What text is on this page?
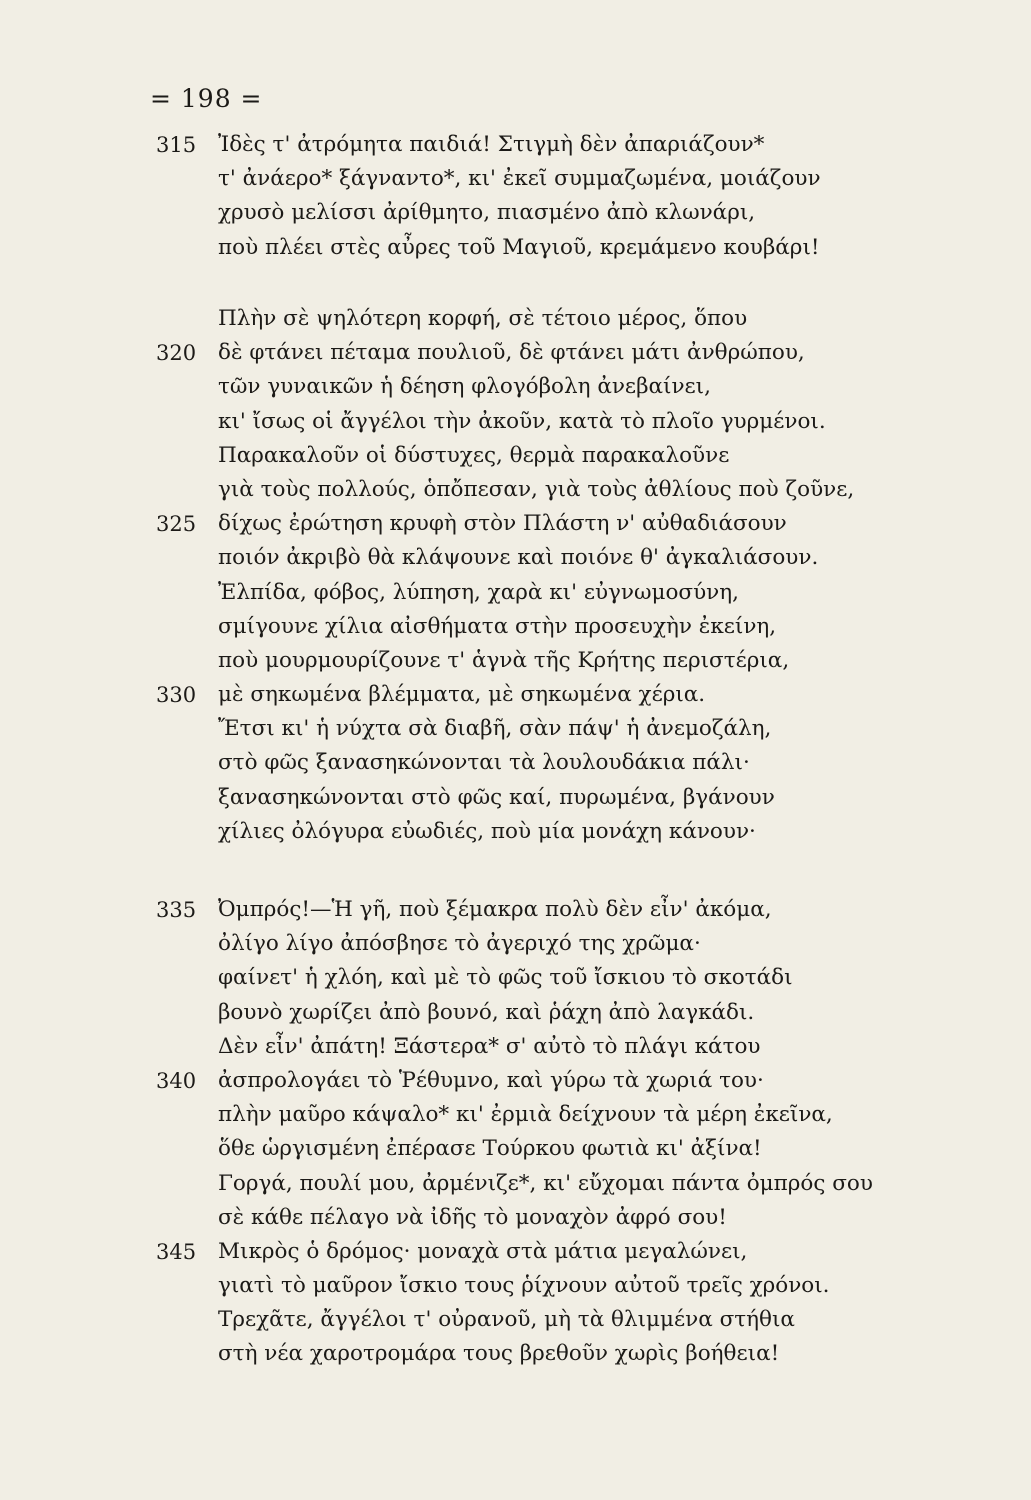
= 198 =
315	Ἰδὲς τ' ἀτρόμητα παιδιά! Στιγμὴ δὲν ἀπαριάζουν*
τ' ἀνάερο* ξάγναντο*, κι' ἐκεῖ συμμαζωμένα, μοιάζουν
χρυσὸ μελίσσι ἀρίθμητο, πιασμένο ἀπὸ κλωνάρι,
ποὺ πλέει στὲς αὖρες τοῦ Μαγιοῦ, κρεμάμενο κουβάρι!
Πλὴν σὲ ψηλότερη κορφή, σὲ τέτοιο μέρος, ὅπου
320	δὲ φτάνει πέταμα πουλιοῦ, δὲ φτάνει μάτι ἀνθρώπου,
τῶν γυναικῶν ἡ δέηση φλογόβολη ἀνεβαίνει,
κι' ἴσως οἱ ἄγγέλοι τὴν ἀκοῦν, κατὰ τὸ πλοῖο γυρμένοι.
Παρακαλοῦν οἱ δύστυχες, θερμὰ παρακαλοῦνε
γιὰ τοὺς πολλούς, ὁπὄπεσαν, γιὰ τοὺς ἀθλίους ποὺ ζοῦνε,
325	δίχως ἐρώτηση κρυφὴ στὸν Πλάστη ν' αὐθαδιάσουν
ποιόν ἀκριβὸ θὰ κλάψουνε καὶ ποιόνε θ' ἀγκαλιάσουν.
Ἐλπίδα, φόβος, λύπηση, χαρὰ κι' εὐγνωμοσύνη,
σμίγουνε χίλια αἰσθήματα στὴν προσευχὴν ἐκείνη,
ποὺ μουρμουρίζουνε τ' ἁγνὰ τῆς Κρήτης περιστέρια,
330	μὲ σηκωμένα βλέμματα, μὲ σηκωμένα χέρια.
Ἔτσι κι' ἡ νύχτα σὰ διαβῆ, σὰν πάψ' ἡ ἀνεμοζάλη,
στὸ φῶς ξανασηκώνονται τὰ λουλουδάκια πάλι·
ξανασηκώνονται στὸ φῶς καί, πυρωμένα, βγάνουν
χίλιες ὀλόγυρα εὐωδιές, ποὺ μία μονάχη κάνουν·
335	Ὀμπρός!—Ἡ γῆ, ποὺ ξέμακρα πολὺ δὲν εἶν' ἀκόμα,
ὀλίγο λίγο ἀπόσβησε τὸ ἀγεριχό της χρῶμα·
φαίνετ' ἡ χλόη, καὶ μὲ τὸ φῶς τοῦ ἴσκιου τὸ σκοτάδι
βουνὸ χωρίζει ἀπὸ βουνό, καὶ ῥάχη ἀπὸ λαγκάδι.
Δὲν εἶν' ἀπάτη! Ξάστερα* σ' αὐτὸ τὸ πλάγι κάτου
340	ἀσπρολογάει τὸ Ῥέθυμνο, καὶ γύρω τὰ χωριά του·
πλὴν μαῦρο κάψαλο* κι' ἐρμιὰ δείχνουν τὰ μέρη ἐκεῖνα,
ὅθε ὡργισμένη ἐπέρασε Τούρκου φωτιὰ κι' ἀξίνα!
Γοργά, πουλί μου, ἀρμένιζε*, κι' εὔχομαι πάντα ὀμπρός σου
σὲ κάθε πέλαγο νὰ ἰδῆς τὸ μοναχὸν ἀφρό σου!
345	Μικρὸς ὁ δρόμος· μοναχὰ στὰ μάτια μεγαλώνει,
γιατὶ τὸ μαῦρον ἴσκιο τους ῥίχνουν αὐτοῦ τρεῖς χρόνοι.
Τρεχᾶτε, ἄγγέλοι τ' οὐρανοῦ, μὴ τὰ θλιμμένα στήθια
στὴ νέα χαροτρομάρα τους βρεθοῦν χωρὶς βοήθεια!
